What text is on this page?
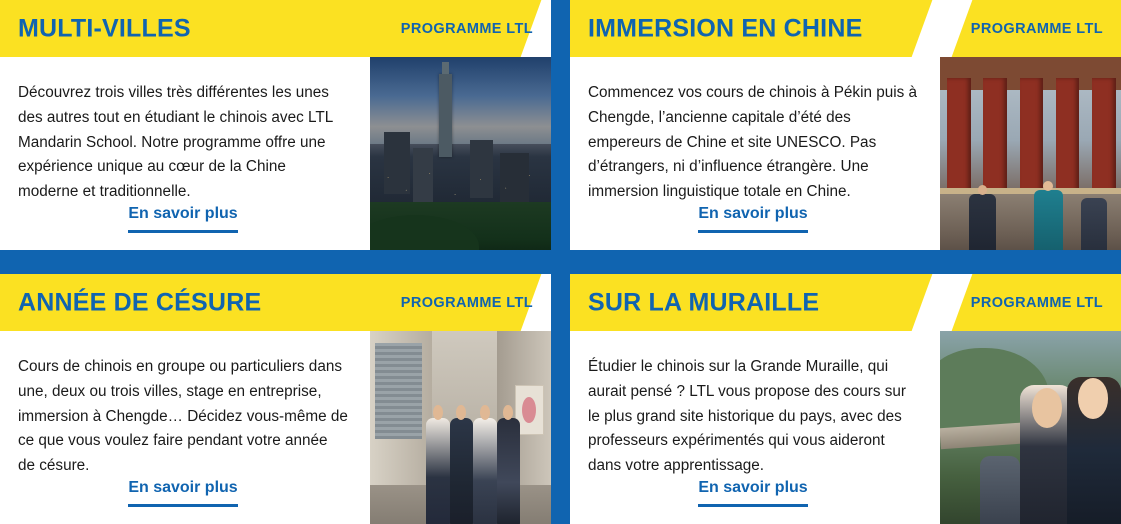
MULTI-VILLES	PROGRAMME LTL

Découvrez trois villes très différentes les unes des autres tout en étudiant le chinois avec LTL Mandarin School. Notre programme offre une expérience unique au cœur de la Chine moderne et traditionnelle.

En savoir plus
IMMERSION EN CHINE	PROGRAMME LTL

Commencez vos cours de chinois à Pékin puis à Chengde, l’ancienne capitale d’été des empereurs de Chine et site UNESCO. Pas d’étrangers, ni d’influence étrangère. Une immersion linguistique totale en Chine.

En savoir plus
ANNÉE DE CÉSURE	PROGRAMME LTL

Cours de chinois en groupe ou particuliers dans une, deux ou trois villes, stage en entreprise, immersion à Chengde… Décidez vous-même de ce que vous voulez faire pendant votre année de césure.

En savoir plus
SUR LA MURAILLE	PROGRAMME LTL

Étudier le chinois sur la Grande Muraille, qui aurait pensé ? LTL vous propose des cours sur le plus grand site historique du pays, avec des professeurs expérimentés qui vous aideront dans votre apprentissage.

En savoir plus
